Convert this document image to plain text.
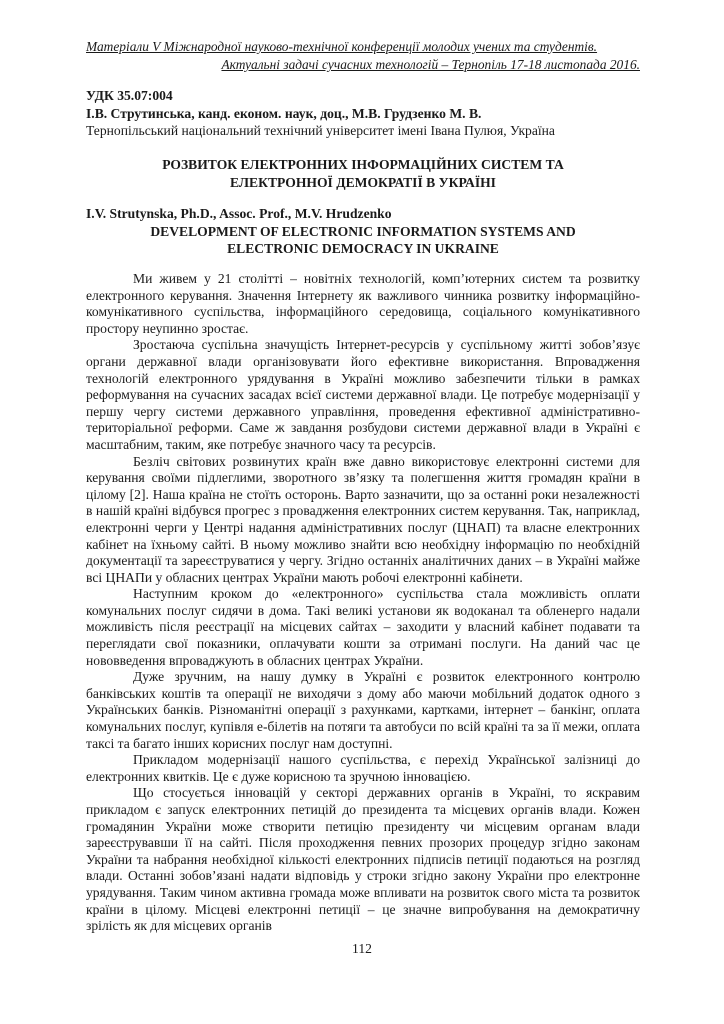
Матеріали V Міжнародної науково-технічної конференції молодих учених та студентів.
Актуальні задачі сучасних технологій – Тернопіль 17-18 листопада 2016.
УДК 35.07:004
І.В. Струтинська, канд. економ. наук, доц., М.В. Грудзенко М. В.
Тернопільський національний технічний університет імені Івана Пулюя, Україна
РОЗВИТОК ЕЛЕКТРОННИХ ІНФОРМАЦІЙНИХ СИСТЕМ ТА
ЕЛЕКТРОННОЇ ДЕМОКРАТІЇ В УКРАЇНІ
I.V. Strutynska, Ph.D., Assoc. Prof., M.V. Hrudzenko
DEVELOPMENT OF ELECTRONIC INFORMATION SYSTEMS AND
ELECTRONIC DEMOCRACY IN UKRAINE

Ми живем у 21 столітті – новітніх технологій, комп’ютерних систем та розвитку електронного керування. Значення Інтернету як важливого чинника розвитку інформаційно-комунікативного суспільства, інформаційного середовища, соціального комунікативного простору неупинно зростає.

Зростаюча суспільна значущість Інтернет-ресурсів у суспільному житті зобов’язує органи державної влади організовувати його ефективне використання. Впровадження технологій електронного урядування в Україні можливо забезпечити тільки в рамках реформування на сучасних засадах всієї системи державної влади. Це потребує модернізації у першу чергу системи державного управління, проведення ефективної адміністративно-територіальної реформи. Саме ж завдання розбудови системи державної влади в Україні є масштабним, таким, яке потребує значного часу та ресурсів.

Безліч світових розвинутих країн вже давно використовує електронні системи для керування своїми підлеглими, зворотного зв’язку та полегшення життя громадян країни в цілому [2]. Наша країна не стоїть осторонь. Варто зазначити, що за останні роки незалежності в нашій країні відбувся прогрес з провадження електронних систем керування. Так, наприклад, електронні черги у Центрі надання адміністративних послуг (ЦНАП) та власне електронних кабінет на їхньому сайті. В ньому можливо знайти всю необхідну інформацію по необхідній документації та зареєструватися у чергу. Згідно останніх аналітичних даних – в Україні майже всі ЦНАПи у обласних центрах України мають робочі електронні кабінети.

Наступним кроком до «електронного» суспільства стала можливість оплати комунальних послуг сидячи в дома. Такі великі установи як водоканал та обленерго надали можливість після реєстрації на місцевих сайтах – заходити у власний кабінет подавати та переглядати свої показники, оплачувати кошти за отримані послуги. На даний час це нововведення впроваджують в обласних центрах України.

Дуже зручним, на нашу думку в Україні є розвиток електронного контролю банківських коштів та операції не виходячи з дому або маючи мобільний додаток одного з Українських банків. Різноманітні операції з рахунками, картками, інтернет – банкінг, оплата комунальних послуг, купівля е-білетів на потяги та автобуси по всій країні та за її межи, оплата таксі та багато інших корисних послуг нам доступні.

Прикладом модернізації нашого суспільства, є перехід Української залізниці до електронних квитків. Це є дуже корисною та зручною інновацією.

Що стосується інновацій у секторі державних органів в Україні, то яскравим прикладом є запуск електронних петицій до президента та місцевих органів влади. Кожен громадянин України може створити петицію президенту чи місцевим органам влади зареєструвавши її на сайті. Після проходження певних прозорих процедур згідно законам України та набрання необхідної кількості електронних підписів петиції подаються на розгляд влади. Останні зобов’язані надати відповідь у строки згідно закону України про електронне урядування. Таким чином активна громада може впливати на розвиток свого міста та розвиток країни в цілому. Місцеві електронні петиції – це значне випробування на демократичну зрілість як для місцевих органів

112
